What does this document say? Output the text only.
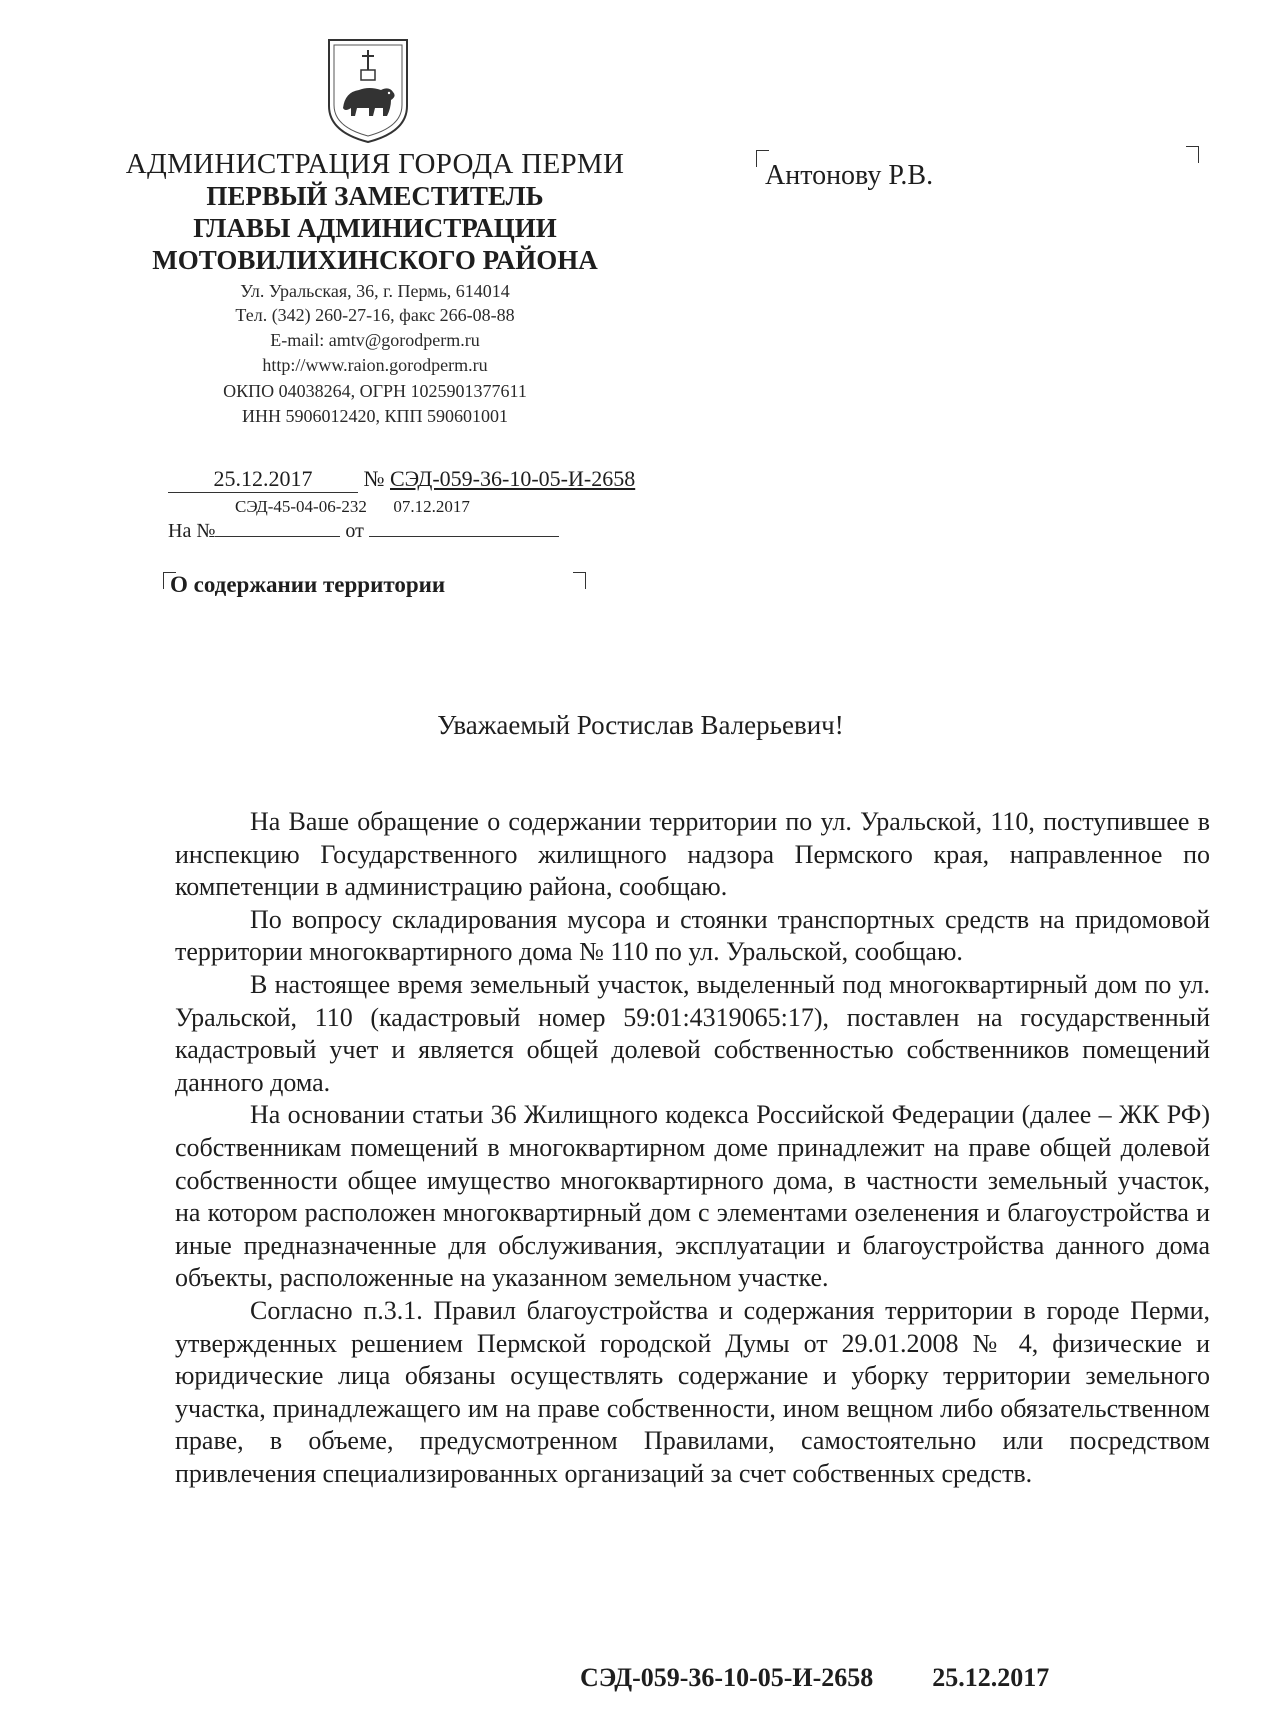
АДМИНИСТРАЦИЯ ГОРОДА ПЕРМИ
ПЕРВЫЙ ЗАМЕСТИТЕЛЬ
ГЛАВЫ АДМИНИСТРАЦИИ
МОТОВИЛИХИНСКОГО РАЙОНА
Ул. Уральская, 36, г. Пермь, 614014
Тел. (342) 260-27-16, факс 266-08-88
E-mail: amtv@gorodperm.ru
http://www.raion.gorodperm.ru
ОКПО 04038264, ОГРН 1025901377611
ИНН 5906012420, КПП 590601001
Антонову Р.В.
25.12.2017 № СЭД-059-36-10-05-И-2658
СЭД-45-04-06-232 07.12.2017
На №	от
О содержании территории
Уважаемый Ростислав Валерьевич!

На Ваше обращение о содержании территории по ул. Уральской, 110, поступившее в инспекцию Государственного жилищного надзора Пермского края, направленное по компетенции в администрацию района, сообщаю.

По вопросу складирования мусора и стоянки транспортных средств на придомовой территории многоквартирного дома № 110 по ул. Уральской, сообщаю.

В настоящее время земельный участок, выделенный под многоквартирный дом по ул. Уральской, 110 (кадастровый номер 59:01:4319065:17), поставлен на государственный кадастровый учет и является общей долевой собственностью собственников помещений данного дома.

На основании статьи 36 Жилищного кодекса Российской Федерации (далее – ЖК РФ) собственникам помещений в многоквартирном доме принадлежит на праве общей долевой собственности общее имущество многоквартирного дома, в частности земельный участок, на котором расположен многоквартирный дом с элементами озеленения и благоустройства и иные предназначенные для обслуживания, эксплуатации и благоустройства данного дома объекты, расположенные на указанном земельном участке.

Согласно п.3.1. Правил благоустройства и содержания территории в городе Перми, утвержденных решением Пермской городской Думы от 29.01.2008 № 4, физические и юридические лица обязаны осуществлять содержание и уборку территории земельного участка, принадлежащего им на праве собственности, ином вещном либо обязательственном праве, в объеме, предусмотренном Правилами, самостоятельно или посредством привлечения специализированных организаций за счет собственных средств.

СЭД-059-36-10-05-И-2658 25.12.2017
